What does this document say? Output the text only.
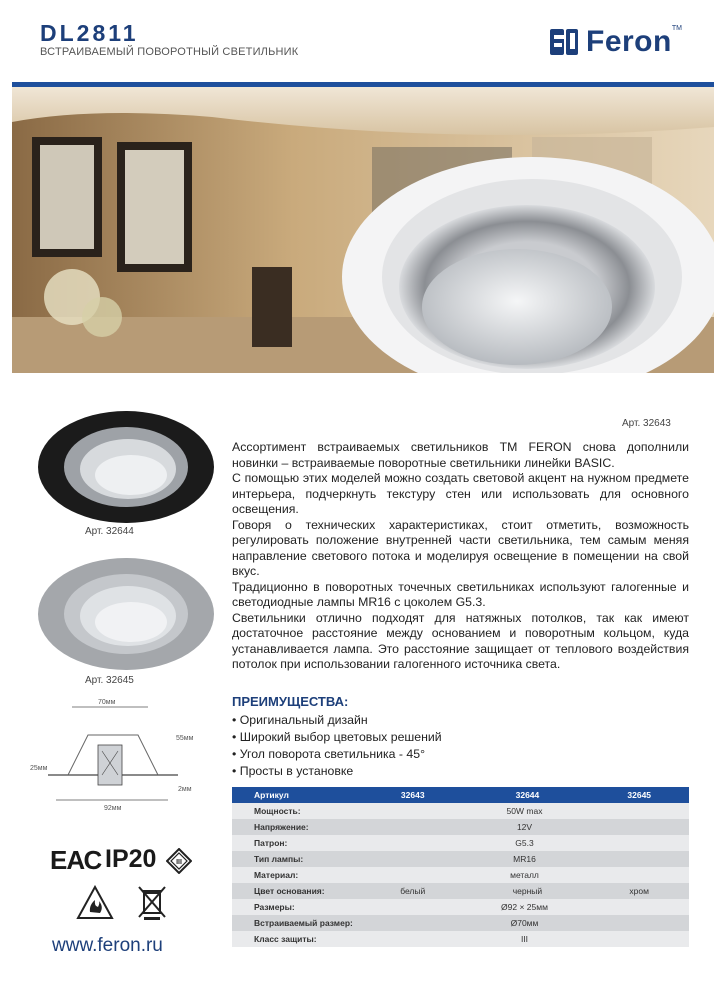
DL2811
ВСТРАИВАЕМЫЙ ПОВОРОТНЫЙ СВЕТИЛЬНИК	Feron TM
Арт. 32644
Арт. 32645
Арт. 32643
70мм
92мм
55мм
25мм
2мм

Ассортимент встраиваемых светильников ТМ FERON снова дополнили новинки – встраиваемые поворотные светильники линейки BASIC.

С помощью этих моделей можно создать световой акцент на нужном предмете интерьера, подчеркнуть текстуру стен или использовать для основного освещения.

Говоря о технических характеристиках, стоит отметить, возможность регулировать положение внутренней части светильника, тем самым меняя направление светового потока и моделируя освещение в помещении на свой вкус.

Традиционно в поворотных точечных светильниках используют галогенные и светодиодные лампы MR16 с цоколем G5.3.

Светильники отлично подходят для натяжных потолков, так как имеют достаточное расстояние между основанием и поворотным кольцом, куда устанавливается лампа. Это расстояние защищает от теплового воздействия потолок при использовании галогенного источника света.

ПРЕИМУЩЕСТВА:
• Оригинальный дизайн
• Широкий выбор цветовых решений
• Угол поворота светильника - 45°
• Просты в установке
Артикул	32643	32644	32645
Мощность:	50W max		
Напряжение:	12V		
Патрон:	G5.3		
Тип лампы:	MR16		
Материал:	металл		
Цвет основания:	белый	черный	хром
Размеры:	Ø92 × 25мм		
Встраиваемый размер:	Ø70мм		
Класс защиты:	III		
ЕАС IP20	III
www.feron.ru
